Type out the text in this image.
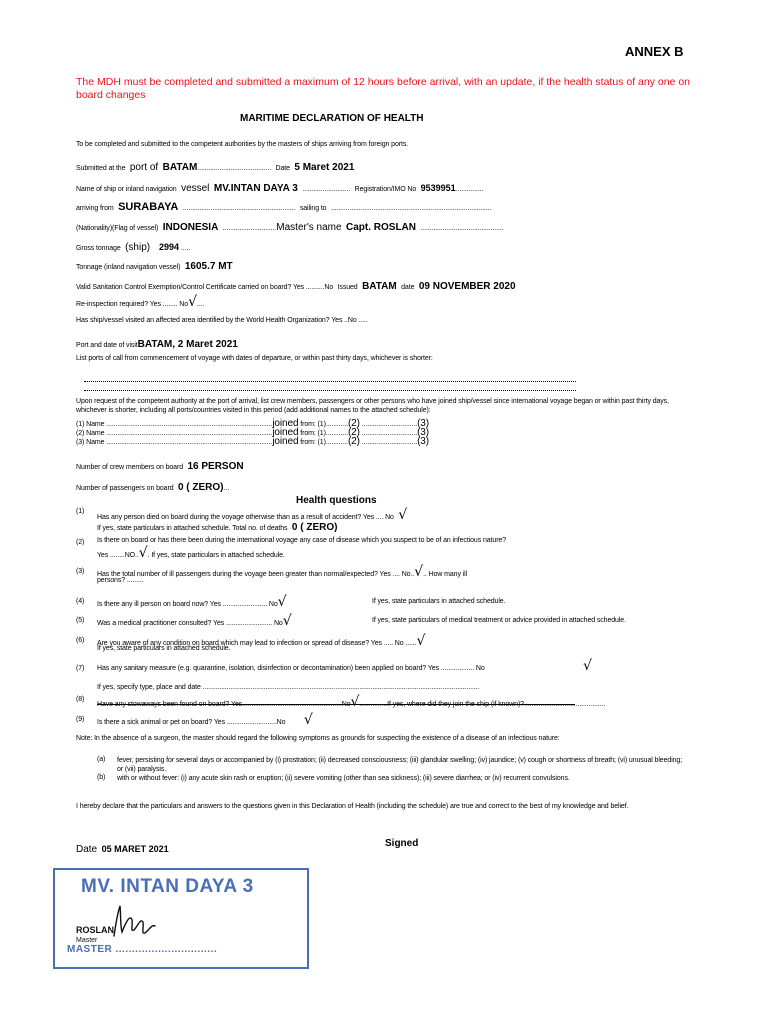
ANNEX B
The MDH must be completed and submitted a maximum of 12 hours before arrival, with an update, if the health status of any one on board changes
MARITIME DECLARATION OF HEALTH
To be completed and submitted to the competent authorities by the masters of ships arriving from foreign ports.
Submitted at the port of BATAM........................................ Date 5 Maret 2021
Name of ship or inland navigation vessel MV.INTAN DAYA 3 .......................... Registration/IMO No 9539951...............
arriving from SURABAYA ............................................................. sailing to .......................................................................................
(Nationality)(Flag of vessel) INDONESIA .............................Master's name Capt. ROSLAN .............................................
Gross tonnage (ship) 2994 .....
Tonnage (inland navigation vessel) 1605.7 MT
Valid Sanitation Control Exemption/Control Certificate carried on board? Yes ..........No Issued BATAM date 09 NOVEMBER 2020
Re-inspection required? Yes ........ No√....
Has ship/vessel visited an affected area identified by the World Health Organization? Yes ..No .....
Port and date of visitBATAM, 2 Maret 2021
List ports of call from commencement of voyage with dates of departure, or within past thirty days, whichever is shorter:
Upon request of the competent authority at the port of arrival, list crew members, passengers or other persons who have joined ship/vessel since international voyage began or within past thirty days, whichever is shorter, including all ports/countries visited in this period (add additional names to the attached schedule):
(1) Name ..........................................................................................joined from: (1)............(2) ..............................(3)
(2) Name ..........................................................................................joined from: (1)............(2) ..............................(3)
(3) Name ..........................................................................................joined from: (1)............(2) ..............................(3)
Number of crew members on board 16 PERSON
Number of passengers on board 0 ( ZERO)...
Health questions
(1)
Has any person died on board during the voyage otherwise than as a result of accident? Yes .... No √
If yes, state particulars in attached schedule. Total no. of deaths 0 ( ZERO)
(2) Is there on board or has there been during the international voyage any case of disease which you suspect to be of an infectious nature?
Yes ........NO..√. If yes, state particulars in attached schedule.
(3) Has the total number of ill passengers during the voyage been greater than normal/expected? Yes .... No..√.. How many ill
persons? .........
(4) Is there any ill person on board now? Yes ........................ No√	If yes, state particulars in attached schedule.
(5) Was a medical practitioner consulted? Yes ......................... No√	If yes, state particulars of medical treatment or advice provided in attached schedule.
(6) Are you aware of any condition on board which may lead to infection or spread of disease? Yes ..... No ......√
If yes, state particulars in attached schedule.
(7) Has any sanitary measure (e.g. quarantine, isolation, disinfection or decontamination) been applied on board? Yes .................. No	√
If yes, specify type, place and date ......................................................................................................................................................
(8)
Have any stowaways been found on board? Yes......................................................No√...............If yes, where did they join the ship (if known)?............................................
(9) Is there a sick animal or pet on board? Yes ...........................No √
Note: In the absence of a surgeon, the master should regard the following symptoms as grounds for suspecting the existence of a disease of an infectious nature:
(a) fever, persisting for several days or accompanied by (i) prostration; (ii) decreased consciousness; (iii) glandular swelling; (iv) jaundice; (v) cough or shortness of breath; (vi) unusual bleeding; or (vii) paralysis.
(b) with or without fever: (i) any acute skin rash or eruption; (ii) severe vomiting (other than sea sickness); (iii) severe diarrhea; or (iv) recurrent convulsions.
I hereby declare that the particulars and answers to the questions given in this Declaration of Health (including the schedule) are true and correct to the best of my knowledge and belief.
Date 05 MARET 2021	Signed
MV. INTAN DAYA 3
MASTER ...............................
ROSLAN
Master
